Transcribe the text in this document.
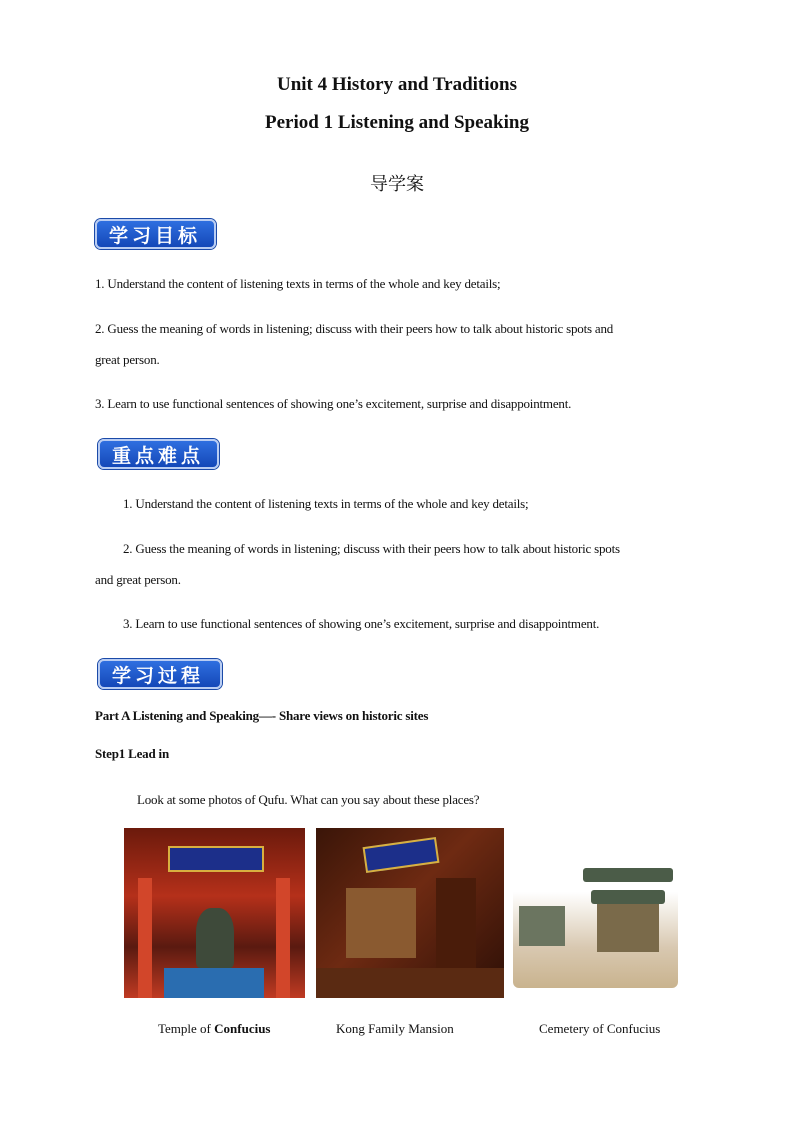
Unit 4 History and Traditions
Period 1 Listening and Speaking
导学案
学习目标
1. Understand the content of listening texts in terms of the whole and key details;
2. Guess the meaning of words in listening; discuss with their peers how to talk about historic spots and
great person.
3. Learn to use functional sentences of showing one’s excitement, surprise and disappointment.
重点难点
1. Understand the content of listening texts in terms of the whole and key details;
2. Guess the meaning of words in listening; discuss with their peers how to talk about historic spots
and great person.
3. Learn to use functional sentences of showing one’s excitement, surprise and disappointment.
学习过程
Part A Listening and Speaking—- Share views on historic sites
Step1 Lead in
Look at some photos of Qufu. What can you say about these places?
Temple of Confucius	Kong Family Mansion	Cemetery of Confucius
